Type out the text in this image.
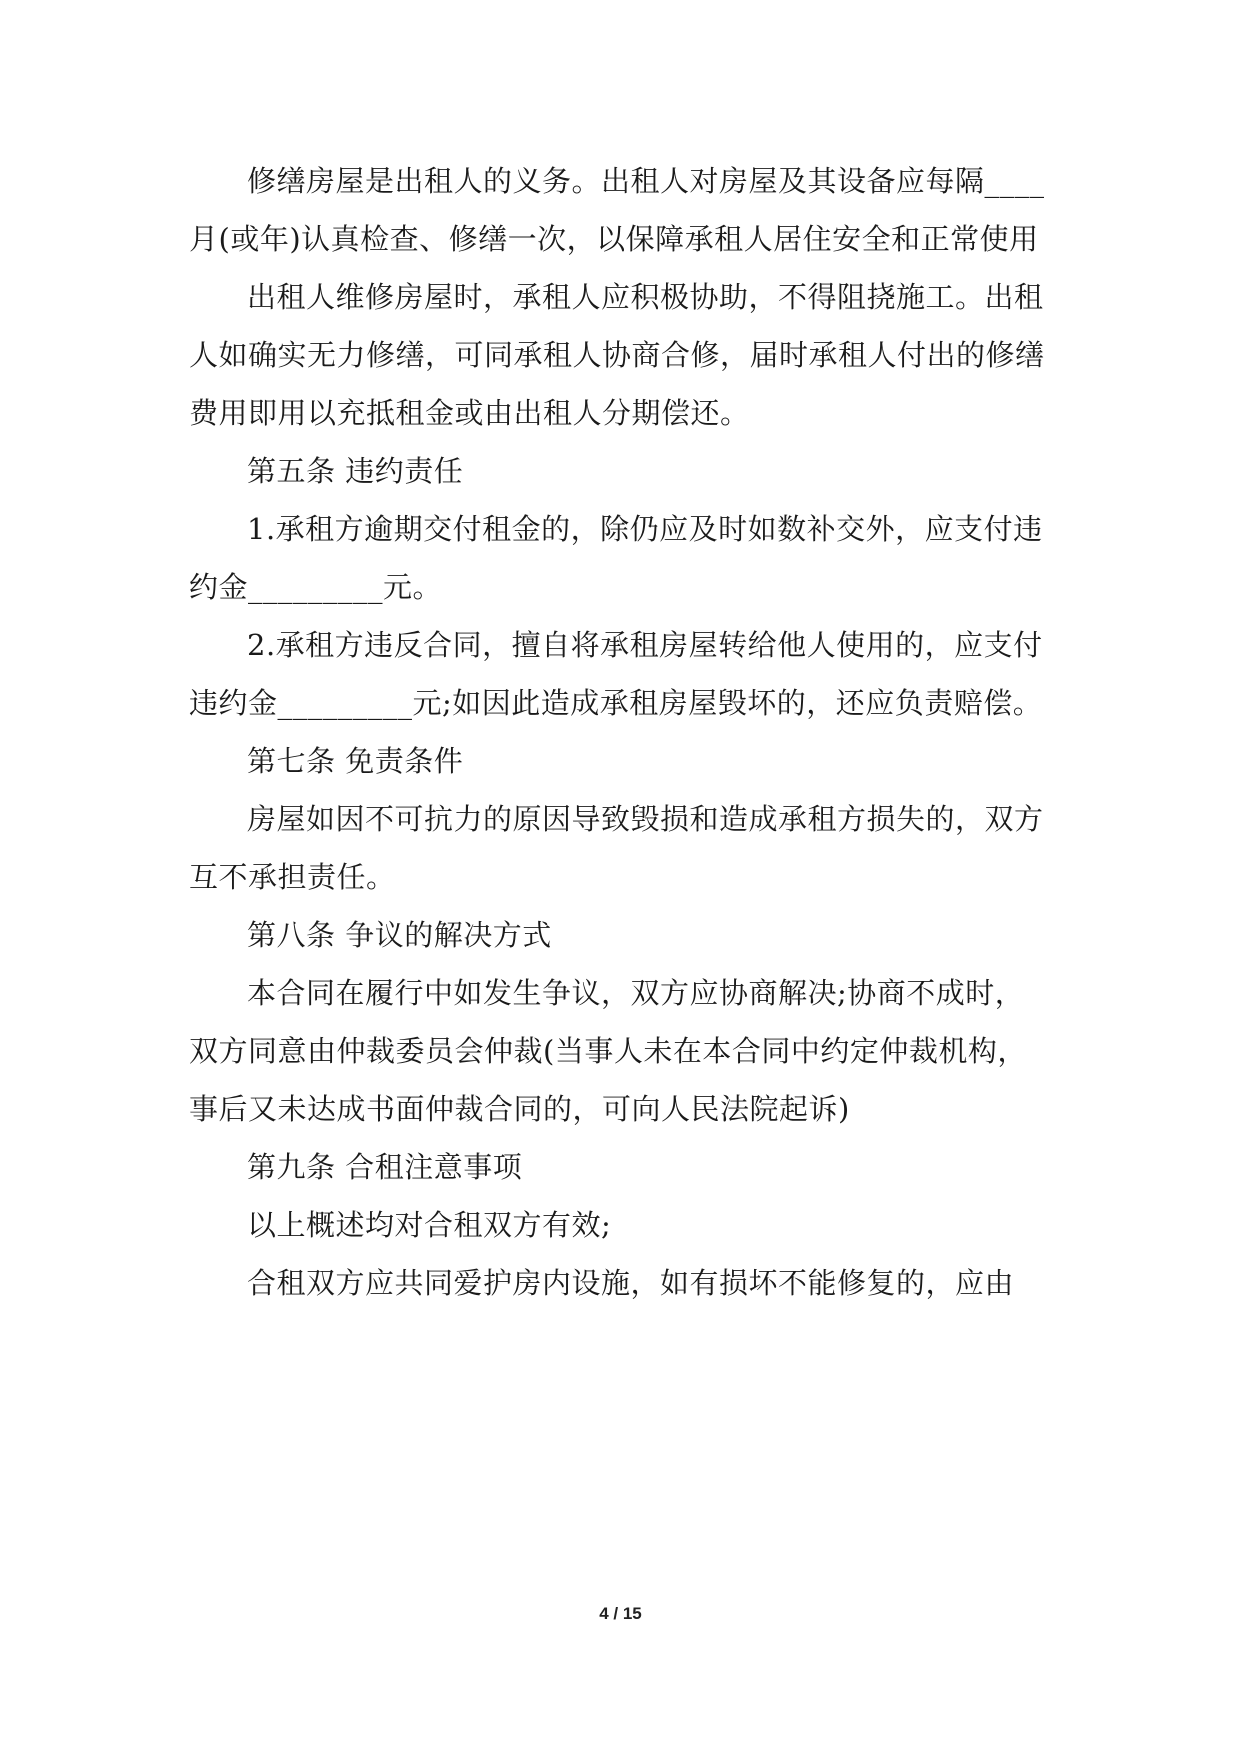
修缮房屋是出租人的义务。出租人对房屋及其设备应每隔____月(或年)认真检查、修缮一次，以保障承租人居住安全和正常使用

出租人维修房屋时，承租人应积极协助，不得阻挠施工。出租人如确实无力修缮，可同承租人协商合修，届时承租人付出的修缮费用即用以充抵租金或由出租人分期偿还。

第五条 违约责任

1.承租方逾期交付租金的，除仍应及时如数补交外，应支付违约金_________元。

2.承租方违反合同，擅自将承租房屋转给他人使用的，应支付违约金_________元;如因此造成承租房屋毁坏的，还应负责赔偿。

第七条 免责条件

房屋如因不可抗力的原因导致毁损和造成承租方损失的，双方互不承担责任。

第八条 争议的解决方式

本合同在履行中如发生争议，双方应协商解决;协商不成时，双方同意由仲裁委员会仲裁(当事人未在本合同中约定仲裁机构，事后又未达成书面仲裁合同的，可向人民法院起诉)

第九条 合租注意事项

以上概述均对合租双方有效;

合租双方应共同爱护房内设施，如有损坏不能修复的，应由

4 / 15
